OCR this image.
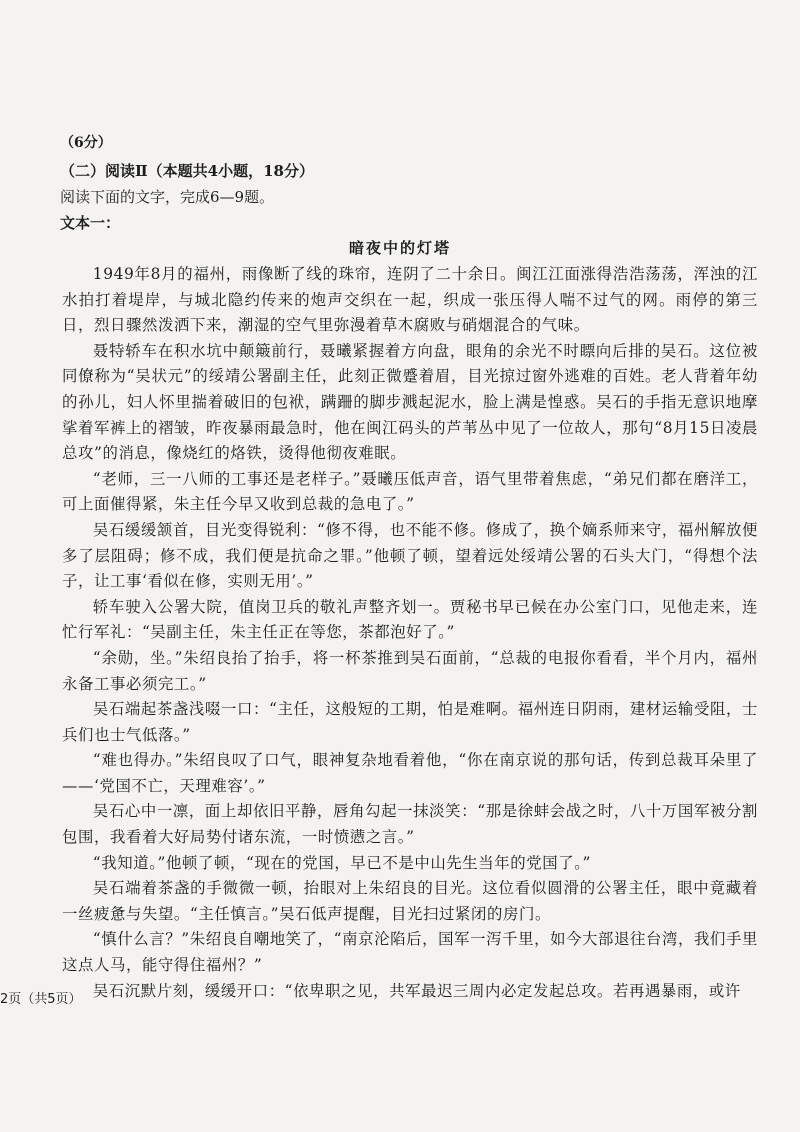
（6分）
（二）阅读Ⅱ（本题共4小题，18分）
阅读下面的文字，完成6—9题。
文本一：
暗夜中的灯塔

1949年8月的福州，雨像断了线的珠帘，连阴了二十余日。闽江江面涨得浩浩荡荡，浑浊的江水拍打着堤岸，与城北隐约传来的炮声交织在一起，织成一张压得人喘不过气的网。雨停的第三日，烈日骤然泼洒下来，潮湿的空气里弥漫着草木腐败与硝烟混合的气味。

聂特轿车在积水坑中颠簸前行，聂曦紧握着方向盘，眼角的余光不时瞟向后排的吴石。这位被同僚称为“吴状元”的绥靖公署副主任，此刻正微蹙着眉，目光掠过窗外逃难的百姓。老人背着年幼的孙儿，妇人怀里揣着破旧的包袱，蹒跚的脚步溅起泥水，脸上满是惶惑。吴石的手指无意识地摩挲着军裤上的褶皱，昨夜暴雨最急时，他在闽江码头的芦苇丛中见了一位故人，那句“8月15日凌晨总攻”的消息，像烧红的烙铁，烫得他彻夜难眠。

“老师，三一八师的工事还是老样子。”聂曦压低声音，语气里带着焦虑，“弟兄们都在磨洋工，可上面催得紧，朱主任今早又收到总裁的急电了。”

吴石缓缓颔首，目光变得锐利：“修不得，也不能不修。修成了，换个嫡系师来守，福州解放便多了层阻碍；修不成，我们便是抗命之罪。”他顿了顿，望着远处绥靖公署的石头大门，“得想个法子，让工事‘看似在修，实则无用’。”

轿车驶入公署大院，值岗卫兵的敬礼声整齐划一。贾秘书早已候在办公室门口，见他走来，连忙行军礼：“吴副主任，朱主任正在等您，茶都泡好了。”

“余勋，坐。”朱绍良抬了抬手，将一杯茶推到吴石面前，“总裁的电报你看看，半个月内，福州永备工事必须完工。”

吴石端起茶盏浅啜一口：“主任，这般短的工期，怕是难啊。福州连日阴雨，建材运输受阻，士兵们也士气低落。”

“难也得办。”朱绍良叹了口气，眼神复杂地看着他，“你在南京说的那句话，传到总裁耳朵里了——‘党国不亡，天理难容’。”

吴石心中一凛，面上却依旧平静，唇角勾起一抹淡笑：“那是徐蚌会战之时，八十万国军被分割包围，我看着大好局势付诸东流，一时愤懑之言。”

“我知道。”他顿了顿，“现在的党国，早已不是中山先生当年的党国了。”

吴石端着茶盏的手微微一顿，抬眼对上朱绍良的目光。这位看似圆滑的公署主任，眼中竟藏着一丝疲惫与失望。“主任慎言。”吴石低声提醒，目光扫过紧闭的房门。

“慎什么言？”朱绍良自嘲地笑了，“南京沦陷后，国军一泻千里，如今大部退往台湾，我们手里这点人马，能守得住福州？”

吴石沉默片刻，缓缓开口：“依卑职之见，共军最迟三周内必定发起总攻。若再遇暴雨，或许

2页（共5页）
